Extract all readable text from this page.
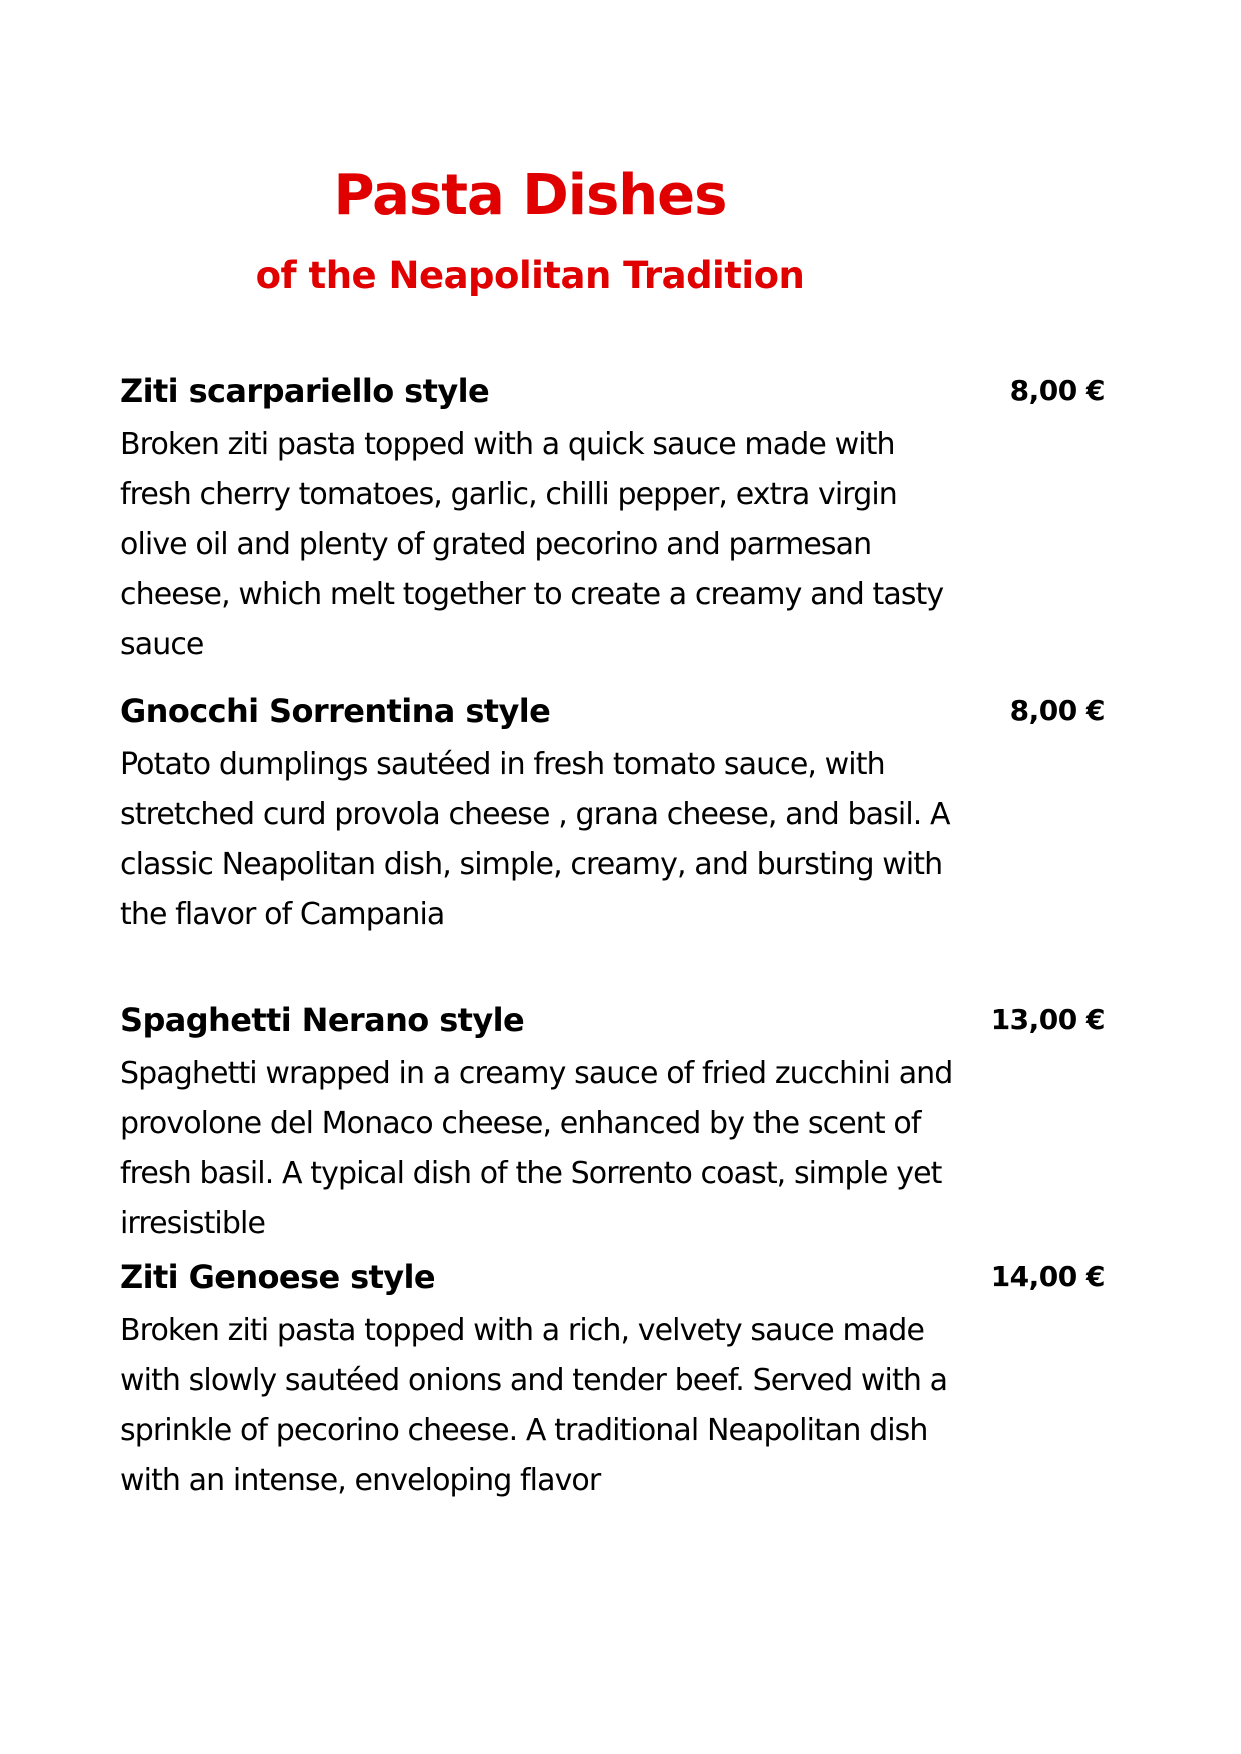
Pasta Dishes
of the Neapolitan Tradition
Ziti scarpariello style	8,00 €
Broken ziti pasta topped with a quick sauce made with fresh cherry tomatoes, garlic, chilli pepper, extra virgin olive oil and plenty of grated pecorino and parmesan cheese, which melt together to create a creamy and tasty sauce
Gnocchi Sorrentina style	8,00 €
Potato dumplings sautéed in fresh tomato sauce, with stretched curd provola cheese , grana cheese, and basil. A classic Neapolitan dish, simple, creamy, and bursting with the flavor of Campania
Spaghetti Nerano style	13,00 €
Spaghetti wrapped in a creamy sauce of fried zucchini and provolone del Monaco cheese, enhanced by the scent of fresh basil. A typical dish of the Sorrento coast, simple yet irresistible
Ziti Genoese style	14,00 €
Broken ziti pasta topped with a rich, velvety sauce made with slowly sautéed onions and tender beef. Served with a sprinkle of pecorino cheese. A traditional Neapolitan dish with an intense, enveloping flavor
